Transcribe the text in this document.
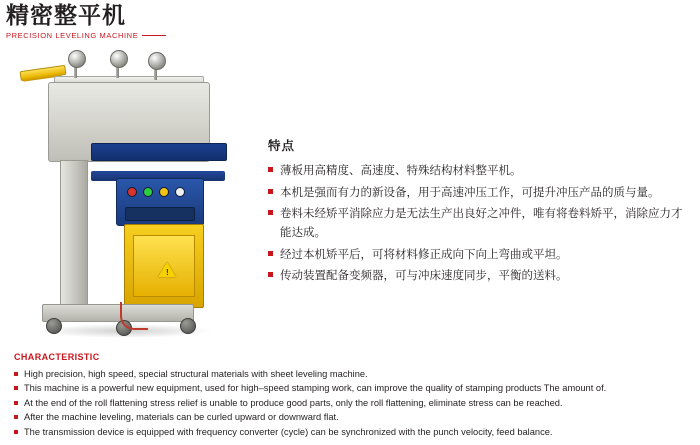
精密整平机
PRECISION LEVELING MACHINE
!
特点
薄板用高精度、高速度、特殊结构材料整平机。
本机是强而有力的新设备，用于高速冲压工作，可提升冲压产品的质与量。
卷料未经矫平消除应力是无法生产出良好之冲件，唯有将卷料矫平，消除应力才能达成。
经过本机矫平后，可将材料修正成向下向上弯曲或平坦。
传动装置配备变频器，可与冲床速度同步，平衡的送料。
CHARACTERISTIC
High precision, high speed, special structural materials with sheet leveling machine.
This machine is a powerful new equipment, used for high–speed stamping work, can improve the quality of stamping products The amount of.
At the end of the roll flattening stress relief is unable to produce good parts, only the roll flattening, eliminate stress can be reached.
After the machine leveling, materials can be curled upward or downward flat.
The transmission device is equipped with frequency converter (cycle) can be synchronized with the punch velocity, feed balance.
